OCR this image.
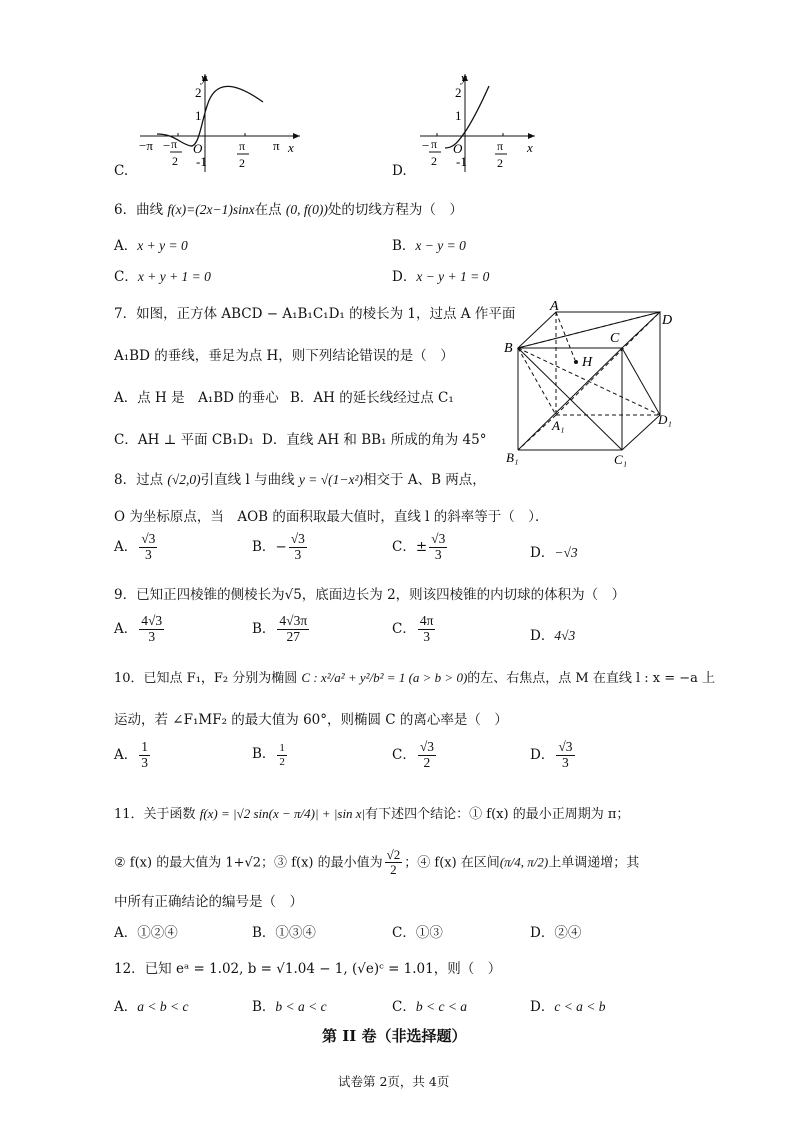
y
x
2
1
-1
O
−π − π
2
π
2
π
C.
y
x
2
1
-1
O
− π
2
π
2
D.
6．曲线 f(x)=(2x−1)sinx在点 (0, f(0))处的切线方程为（　）
A．x + y = 0	B．x − y = 0
C．x + y + 1 = 0	D．x − y + 1 = 0
7．如图，正方体 ABCD − A₁B₁C₁D₁ 的棱长为 1，过点 A 作平面
A₁BD 的垂线，垂足为点 H，则下列结论错误的是（　）
A．点 H 是　A₁BD 的垂心 B．AH 的延长线经过点 C₁
C．AH ⊥ 平面 CB₁D₁ D．直线 AH 和 BB₁ 所成的角为 45°
A
D
B
C
H
A₁	D₁
B₁	C₁
8．过点 (√2,0)引直线 l 与曲线 y = √(1−x²)相交于 A、B 两点，
O 为坐标原点，当　AOB 的面积取最大值时，直线 l 的斜率等于（　）．
A． $\frac{√3}{3}$	B．− $\frac{√3}{3}$	C．± $\frac{√3}{3}$	D．−√3
9．已知正四棱锥的侧棱长为√5，底面边长为 2，则该四棱锥的内切球的体积为（　）
A． $\frac{4√3}{3}$	B． $\frac{4√3\pi}{27}$	C． $\frac{4\pi}{3}$	D．4√3
10．已知点 F₁，F₂ 分别为椭圆 C : x²/a² + y²/b² = 1 (a > b > 0)的左、右焦点，点 M 在直线 l : x = −a 上
运动，若 ∠F₁MF₂ 的最大值为 60°，则椭圆 C 的离心率是（　）
A． $\frac{1}{3}$	B． $\frac{1}{2}$	C． $\frac{√3}{2}$	D． $\frac{√3}{3}$
11．关于函数 f(x) = |√2 sin(x − π/4)| + |sin x|有下述四个结论：① f(x) 的最小正周期为 π；
② f(x) 的最大值为 1+√2；③ f(x) 的最小值为 $\frac{√2}{2}$ ；④ f(x) 在区间(π/4, π/2)上单调递增；其
中所有正确结论的编号是（　）
A．①②④	B．①③④	C．①③	D．②④
12．已知 eᵃ = 1.02, b = √1.04 − 1, (√e)ᶜ = 1.01，则（　）
A．a < b < c	B．b < a < c	C．b < c < a	D．c < a < b
第 II 卷（非选择题）
试卷第 2页，共 4页
